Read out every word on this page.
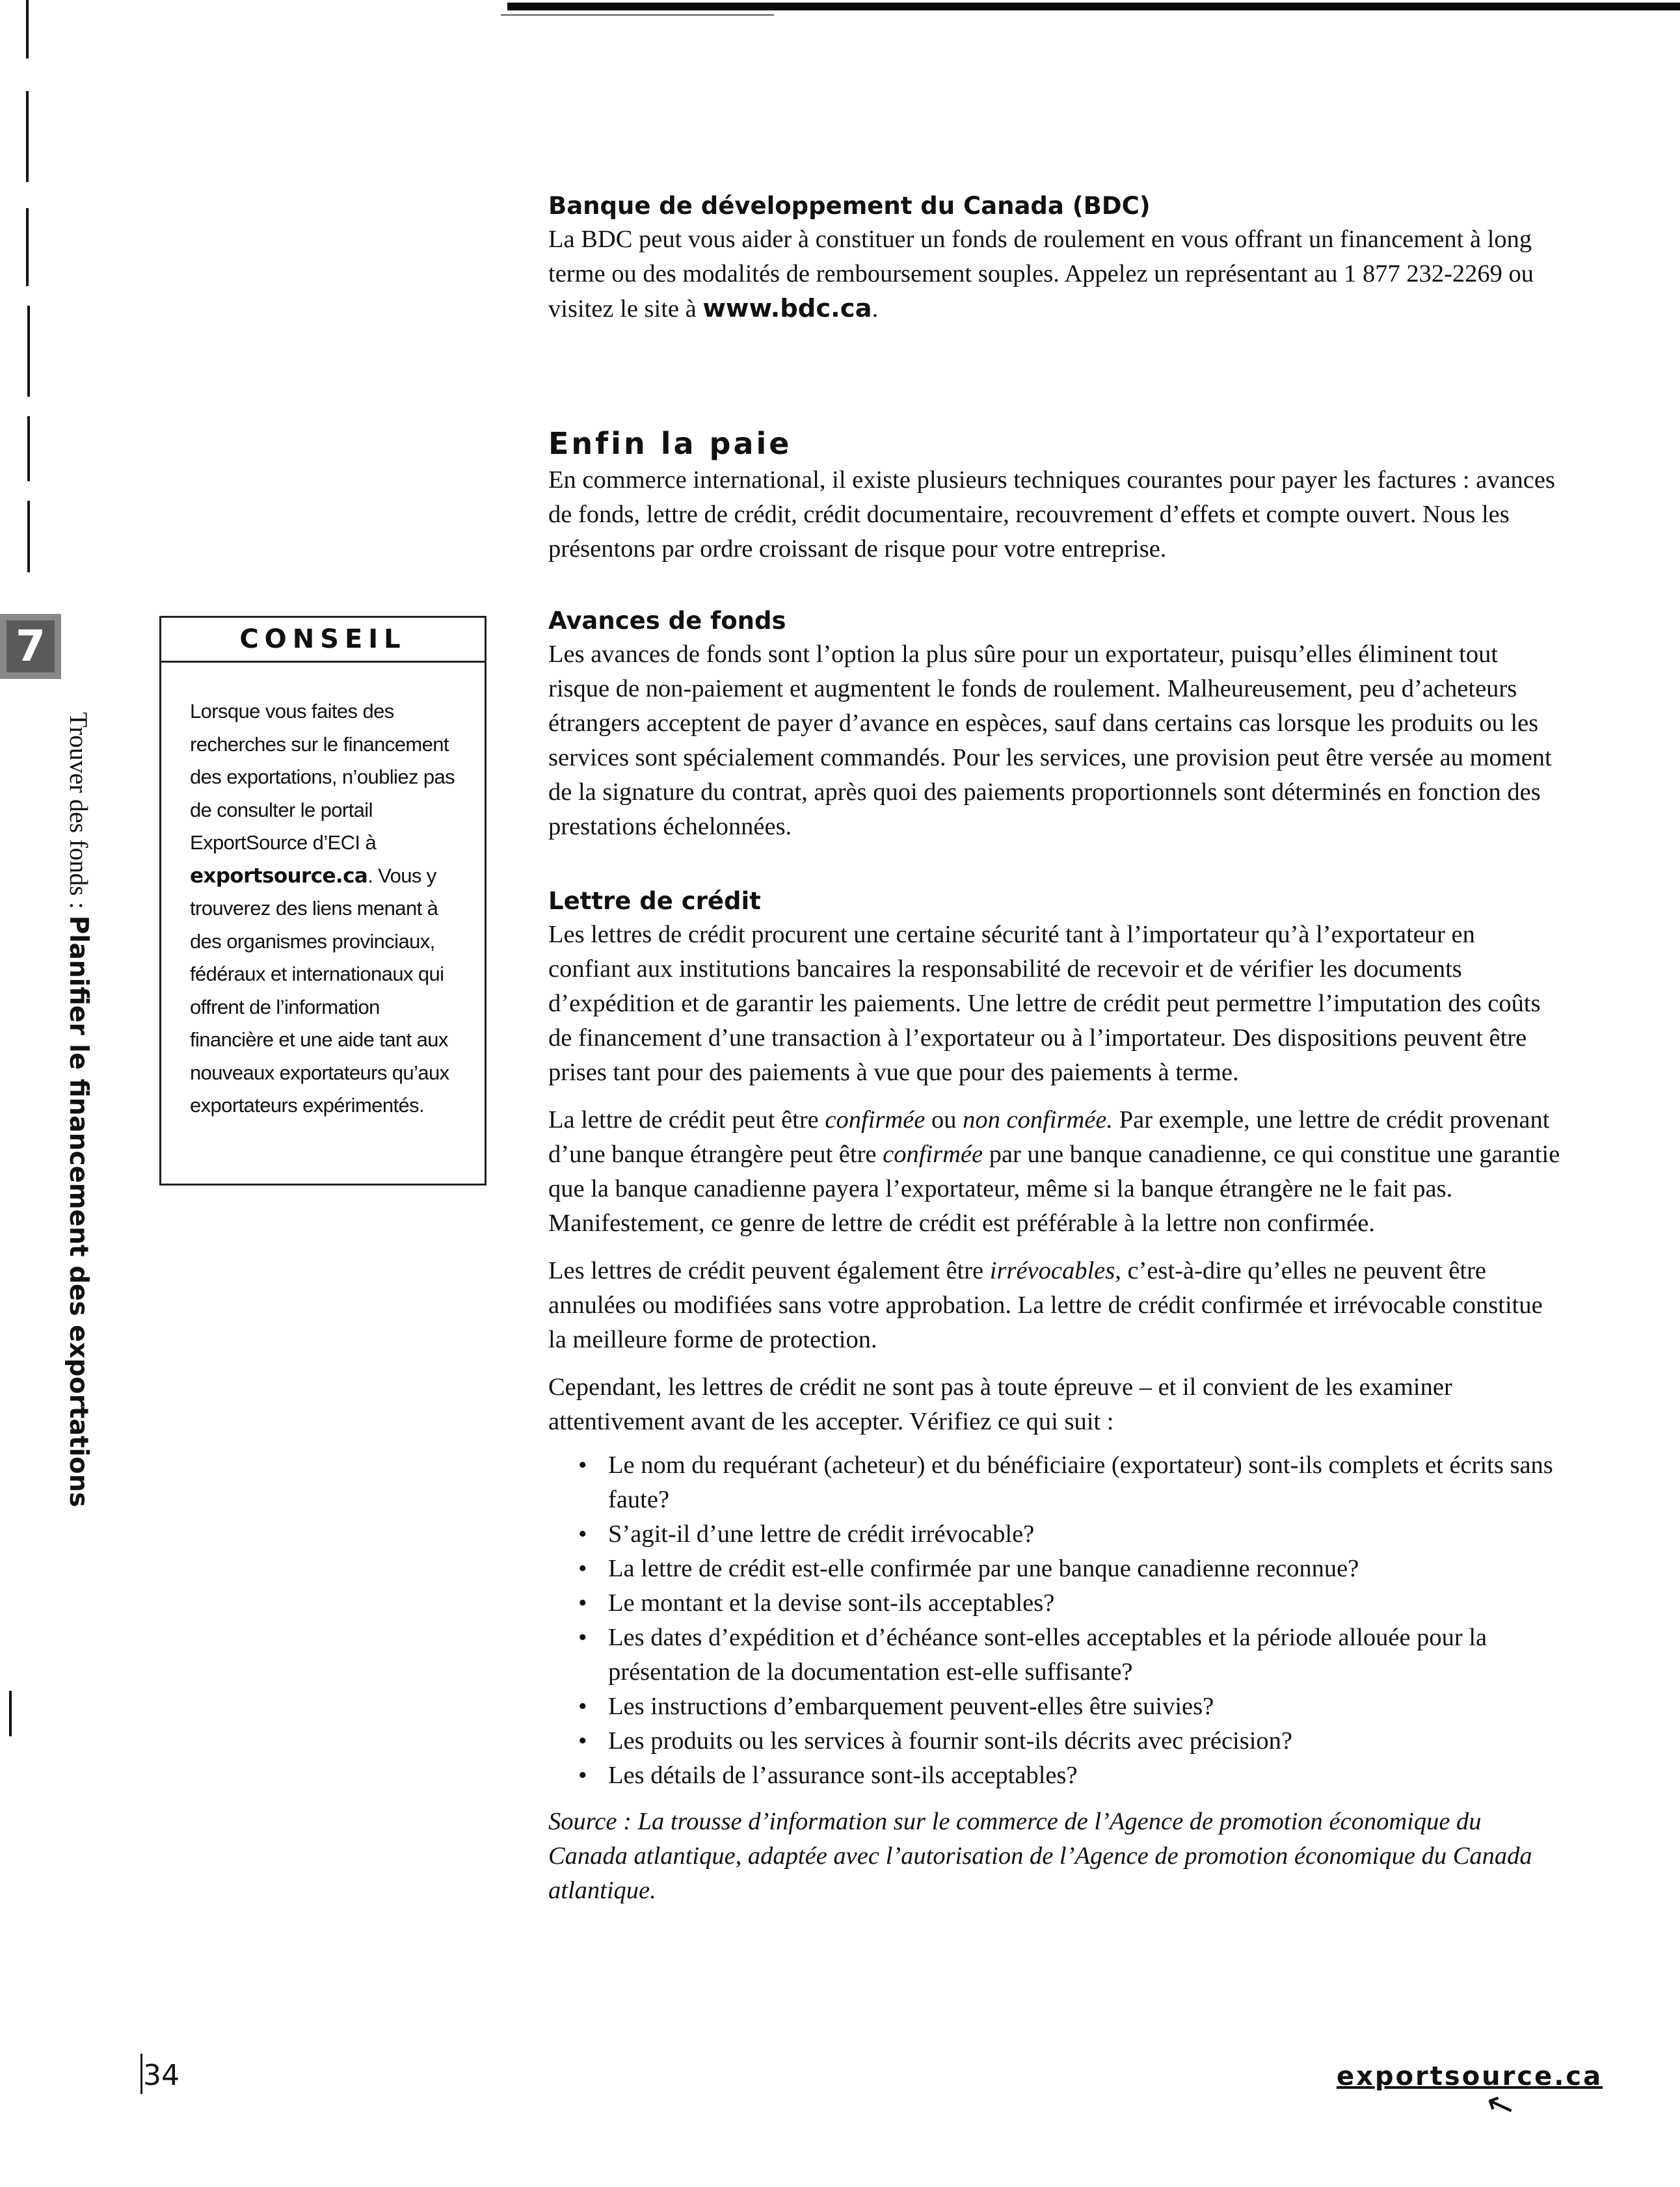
7
Trouver des fonds : Planifier le financement des exportations
CONSEIL
Lorsque vous faites des recherches sur le financement des exportations, n’oubliez pas de consulter le portail ExportSource d’ECI à exportsource.ca. Vous y trouverez des liens menant à des organismes provinciaux, fédéraux et internationaux qui offrent de l’information financière et une aide tant aux nouveaux exportateurs qu’aux exportateurs expérimentés.

Banque de développement du Canada (BDC)

La BDC peut vous aider à constituer un fonds de roulement en vous offrant un financement à long terme ou des modalités de remboursement souples. Appelez un représentant au 1 877 232-2269 ou visitez le site à www.bdc.ca.

Enfin la paie

En commerce international, il existe plusieurs techniques courantes pour payer les factures : avances de fonds, lettre de crédit, crédit documentaire, recouvrement d’effets et compte ouvert. Nous les présentons par ordre croissant de risque pour votre entreprise.

Avances de fonds

Les avances de fonds sont l’option la plus sûre pour un exportateur, puisqu’elles éliminent tout risque de non-paiement et augmentent le fonds de roulement. Malheureusement, peu d’acheteurs étrangers acceptent de payer d’avance en espèces, sauf dans certains cas lorsque les produits ou les services sont spécialement commandés. Pour les services, une provision peut être versée au moment de la signature du contrat, après quoi des paiements proportionnels sont déterminés en fonction des prestations échelonnées.

Lettre de crédit

Les lettres de crédit procurent une certaine sécurité tant à l’importateur qu’à l’exportateur en confiant aux institutions bancaires la responsabilité de recevoir et de vérifier les documents d’expédition et de garantir les paiements. Une lettre de crédit peut permettre l’imputation des coûts de financement d’une transaction à l’exportateur ou à l’importateur. Des dispositions peuvent être prises tant pour des paiements à vue que pour des paiements à terme.

La lettre de crédit peut être confirmée ou non confirmée. Par exemple, une lettre de crédit provenant d’une banque étrangère peut être confirmée par une banque canadienne, ce qui constitue une garantie que la banque canadienne payera l’exportateur, même si la banque étrangère ne le fait pas. Manifestement, ce genre de lettre de crédit est préférable à la lettre non confirmée.

Les lettres de crédit peuvent également être irrévocables, c’est-à-dire qu’elles ne peuvent être annulées ou modifiées sans votre approbation. La lettre de crédit confirmée et irrévocable constitue la meilleure forme de protection.

Cependant, les lettres de crédit ne sont pas à toute épreuve – et il convient de les examiner attentivement avant de les accepter. Vérifiez ce qui suit :

• Le nom du requérant (acheteur) et du bénéficiaire (exportateur) sont-ils complets et écrits sans faute?
• S’agit-il d’une lettre de crédit irrévocable?
• La lettre de crédit est-elle confirmée par une banque canadienne reconnue?
• Le montant et la devise sont-ils acceptables?
• Les dates d’expédition et d’échéance sont-elles acceptables et la période allouée pour la présentation de la documentation est-elle suffisante?
• Les instructions d’embarquement peuvent-elles être suivies?
• Les produits ou les services à fournir sont-ils décrits avec précision?
• Les détails de l’assurance sont-ils acceptables?

Source : La trousse d’information sur le commerce de l’Agence de promotion économique du Canada atlantique, adaptée avec l’autorisation de l’Agence de promotion économique du Canada atlantique.

34	exportsource.ca
↖
